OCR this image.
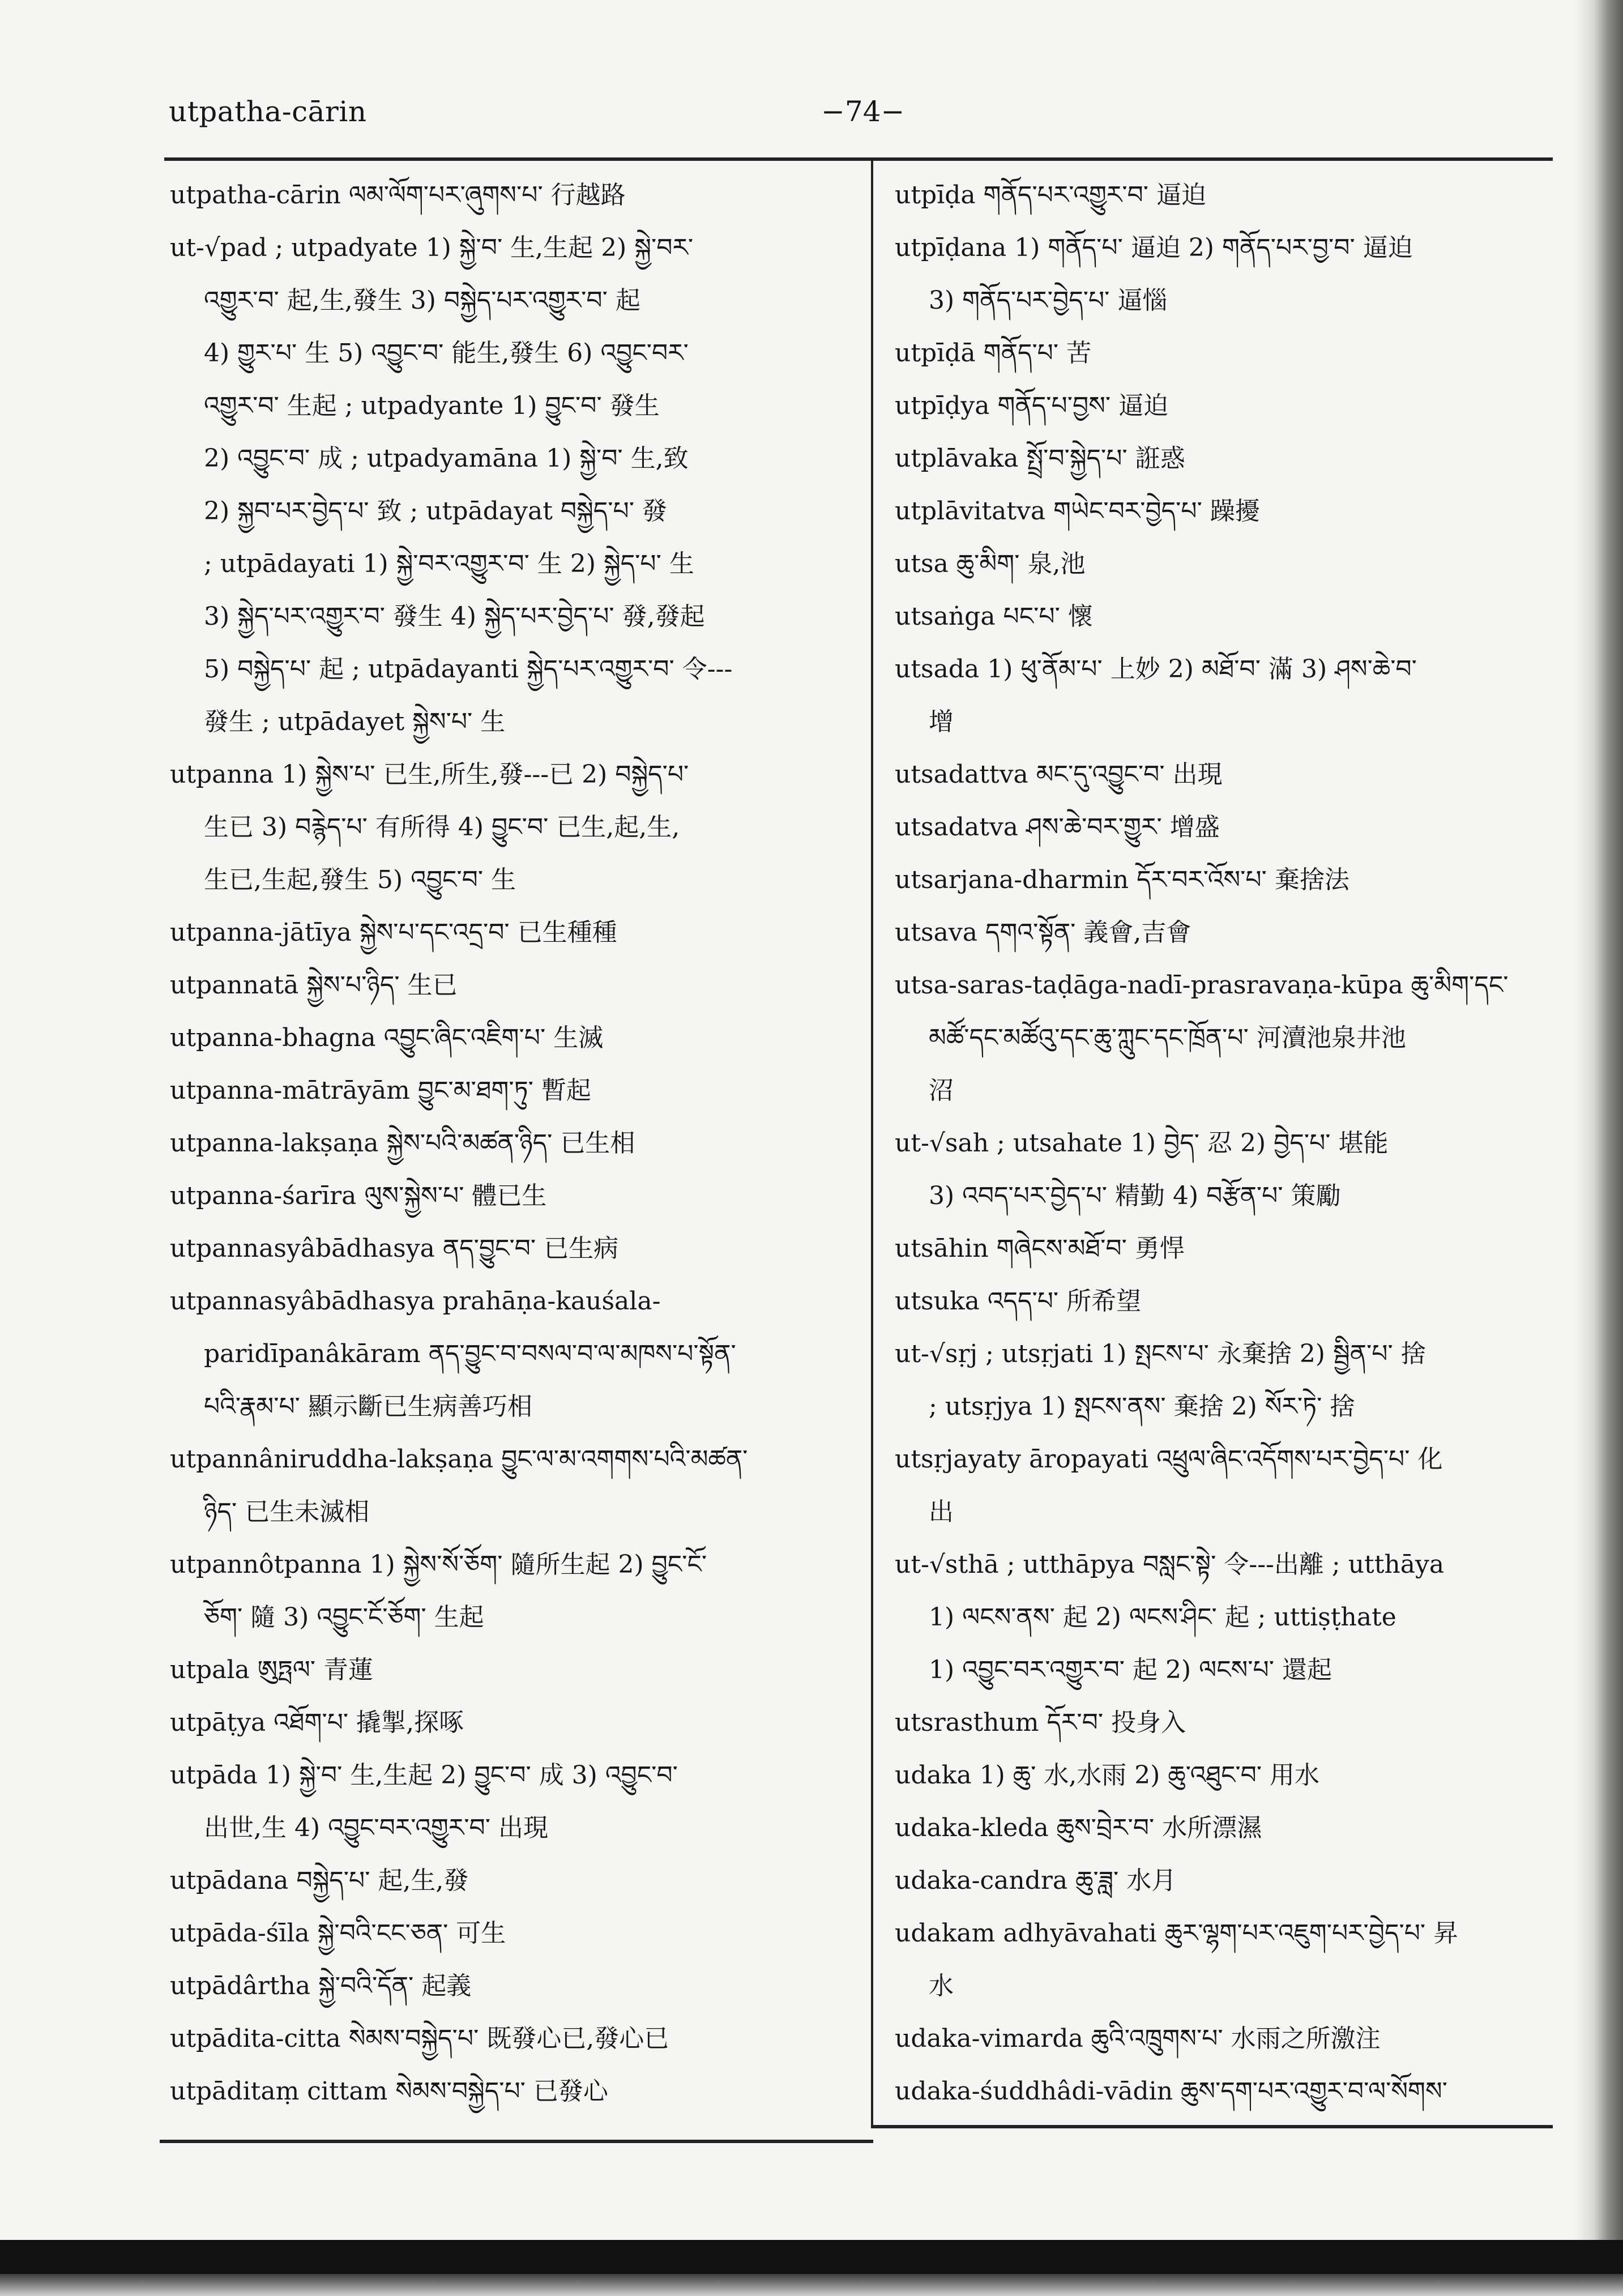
utpatha-cārin	−74−
utpatha-cārin ལམ་ལོག་པར་ཞུགས་པ་ 行越路
ut-√pad ; utpadyate 1) སྐྱེ་བ་ 生,生起 2) སྐྱེ་བར་
འགྱུར་བ་ 起,生,發生 3) བསྐྱེད་པར་འགྱུར་བ་ 起
4) གྱུར་པ་ 生 5) འབྱུང་བ་ 能生,發生 6) འབྱུང་བར་
འགྱུར་བ་ 生起 ; utpadyante 1) བྱུང་བ་ 發生
2) འབྱུང་བ་ 成 ; utpadyamāna 1) སྐྱེ་བ་ 生,致
2) སྐྱབ་པར་བྱེད་པ་ 致 ; utpādayat བསྐྱེད་པ་ 發
; utpādayati 1) སྐྱེ་བར་འགྱུར་བ་ 生 2) སྐྱེད་པ་ 生
3) སྐྱེད་པར་འགྱུར་བ་ 發生 4) སྐྱེད་པར་བྱེད་པ་ 發,發起
5) བསྐྱེད་པ་ 起 ; utpādayanti སྐྱེད་པར་འགྱུར་བ་ 令---
發生 ; utpādayet སྐྱེས་པ་ 生
utpanna 1) སྐྱེས་པ་ 已生,所生,發---已 2) བསྐྱེད་པ་
生已 3) བརྙེད་པ་ 有所得 4) བྱུང་བ་ 已生,起,生,
生已,生起,發生 5) འབྱུང་བ་ 生
utpanna-jātīya སྐྱེས་པ་དང་འདྲ་བ་ 已生種種
utpannatā སྐྱེས་པ་ཉིད་ 生已
utpanna-bhagna འབྱུང་ཞིང་འཇིག་པ་ 生滅
utpanna-mātrāyām བྱུང་མ་ཐག་ཏུ་ 暫起
utpanna-lakṣaṇa སྐྱེས་པའི་མཚན་ཉིད་ 已生相
utpanna-śarīra ལུས་སྐྱེས་པ་ 體已生
utpannasyâbādhasya ནད་བྱུང་བ་ 已生病
utpannasyâbādhasya prahāṇa-kauśala-
paridīpanâkāram ནད་བྱུང་བ་བསལ་བ་ལ་མཁས་པ་སྟོན་
པའི་རྣམ་པ་ 顯示斷已生病善巧相
utpannâniruddha-lakṣaṇa བྱུང་ལ་མ་འགགས་པའི་མཚན་
ཉིད་ 已生未滅相
utpannôtpanna 1) སྐྱེས་སོ་ཅོག་ 隨所生起 2) བྱུང་ངོ་
ཅོག་ 隨 3) འབྱུང་ངོ་ཅོག་ 生起
utpala ཨུཏྤལ་ 青蓮
utpāṭya འཐོག་པ་ 撬掣,探啄
utpāda 1) སྐྱེ་བ་ 生,生起 2) བྱུང་བ་ 成 3) འབྱུང་བ་
出世,生 4) འབྱུང་བར་འགྱུར་བ་ 出現
utpādana བསྐྱེད་པ་ 起,生,發
utpāda-śīla སྐྱེ་བའི་ངང་ཅན་ 可生
utpādârtha སྐྱེ་བའི་དོན་ 起義
utpādita-citta སེམས་བསྐྱེད་པ་ 既發心已,發心已
utpāditaṃ cittam སེམས་བསྐྱེད་པ་ 已發心
utpīḍa གནོད་པར་འགྱུར་བ་ 逼迫
utpīḍana 1) གནོད་པ་ 逼迫 2) གནོད་པར་བྱ་བ་ 逼迫
3) གནོད་པར་བྱེད་པ་ 逼惱
utpīḍā གནོད་པ་ 苦
utpīḍya གནོད་པ་བྱས་ 逼迫
utplāvaka སྤྲོ་བ་སྐྱེད་པ་ 誑惑
utplāvitatva གཡེང་བར་བྱེད་པ་ 躁擾
utsa ཆུ་མིག་ 泉,池
utsaṅga པང་པ་ 懷
utsada 1) ཕུ་ནོམ་པ་ 上妙 2) མཐོ་བ་ 滿 3) ཤས་ཆེ་བ་
增
utsadattva མང་དུ་འབྱུང་བ་ 出現
utsadatva ཤས་ཆེ་བར་གྱུར་ 增盛
utsarjana-dharmin དོར་བར་འོས་པ་ 棄捨法
utsava དགའ་སྟོན་ 義會,吉會
utsa-saras-taḍāga-nadī-prasravaṇa-kūpa ཆུ་མིག་དང་
མཚོ་དང་མཚོའུ་དང་ཆུ་ཀླུང་དང་ཁྲོན་པ་ 河瀆池泉井池
沼
ut-√sah ; utsahate 1) བྱེད་ 忍 2) བྱེད་པ་ 堪能
3) འབད་པར་བྱེད་པ་ 精勤 4) བརྩོན་པ་ 策勵
utsāhin གཞེངས་མཐོ་བ་ 勇悍
utsuka འདད་པ་ 所希望
ut-√sṛj ; utsṛjati 1) སྤངས་པ་ 永棄捨 2) སྦྱིན་པ་ 捨
; utsṛjya 1) སྤངས་ནས་ 棄捨 2) སོར་ཏེ་ 捨
utsṛjayaty āropayati འཕྲུལ་ཞིང་འདོགས་པར་བྱེད་པ་ 化
出
ut-√sthā ; utthāpya བསླང་སྟེ་ 令---出離 ; utthāya
1) ལངས་ནས་ 起 2) ལངས་ཤིང་ 起 ; uttiṣṭhate
1) འབྱུང་བར་འགྱུར་བ་ 起 2) ལངས་པ་ 還起
utsrasthum དོར་བ་ 投身入
udaka 1) ཆུ་ 水,水雨 2) ཆུ་འཐུང་བ་ 用水
udaka-kleda ཆུས་བྲེར་བ་ 水所漂濕
udaka-candra ཆུ་ཟླ་ 水月
udakam adhyāvahati ཆུར་ལྷག་པར་འཇུག་པར་བྱེད་པ་ 昇
水
udaka-vimarda ཆུའི་འཁྲུགས་པ་ 水雨之所激注
udaka-śuddhâdi-vādin ཆུས་དག་པར་འགྱུར་བ་ལ་སོགས་
